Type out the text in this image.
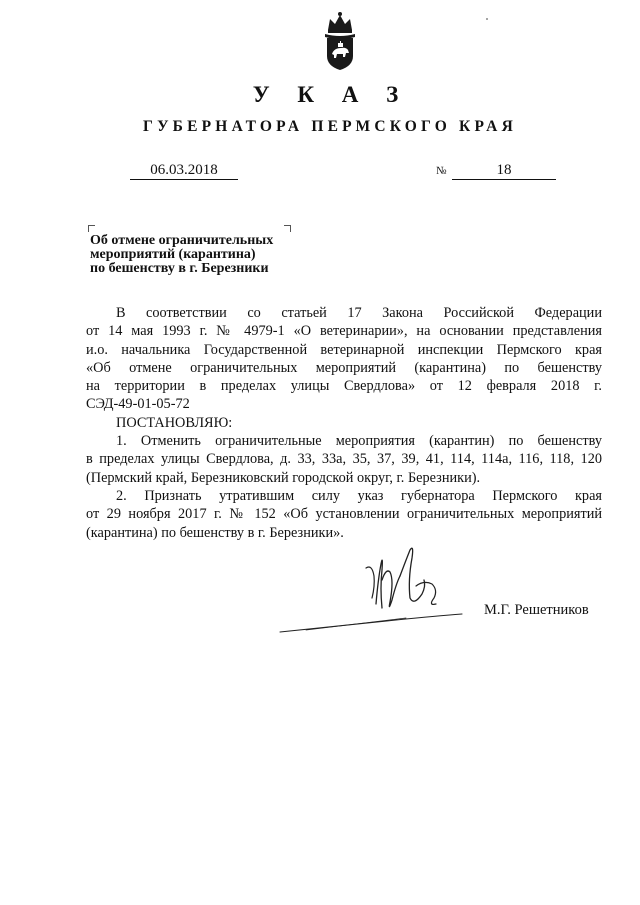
У К А З
ГУБЕРНАТОРА ПЕРМСКОГО КРАЯ
06.03.2018	№	18
Об отмене ограничительных
мероприятий (карантина)
по бешенству в г. Березники
В соответствии со статьей 17 Закона Российской Федерации
от 14 мая 1993 г. № 4979-1 «О ветеринарии», на основании представления
и.о. начальника Государственной ветеринарной инспекции Пермского края
«Об отмене ограничительных мероприятий (карантина) по бешенству
на территории в пределах улицы Свердлова» от 12 февраля 2018 г.
СЭД-49-01-05-72
ПОСТАНОВЛЯЮ:
1. Отменить ограничительные мероприятия (карантин) по бешенству
в пределах улицы Свердлова, д. 33, 33а, 35, 37, 39, 41, 114, 114а, 116, 118, 120
(Пермский край, Березниковский городской округ, г. Березники).
2. Признать утратившим силу указ губернатора Пермского края
от 29 ноября 2017 г. № 152 «Об установлении ограничительных мероприятий
(карантина) по бешенству в г. Березники».
М.Г. Решетников
